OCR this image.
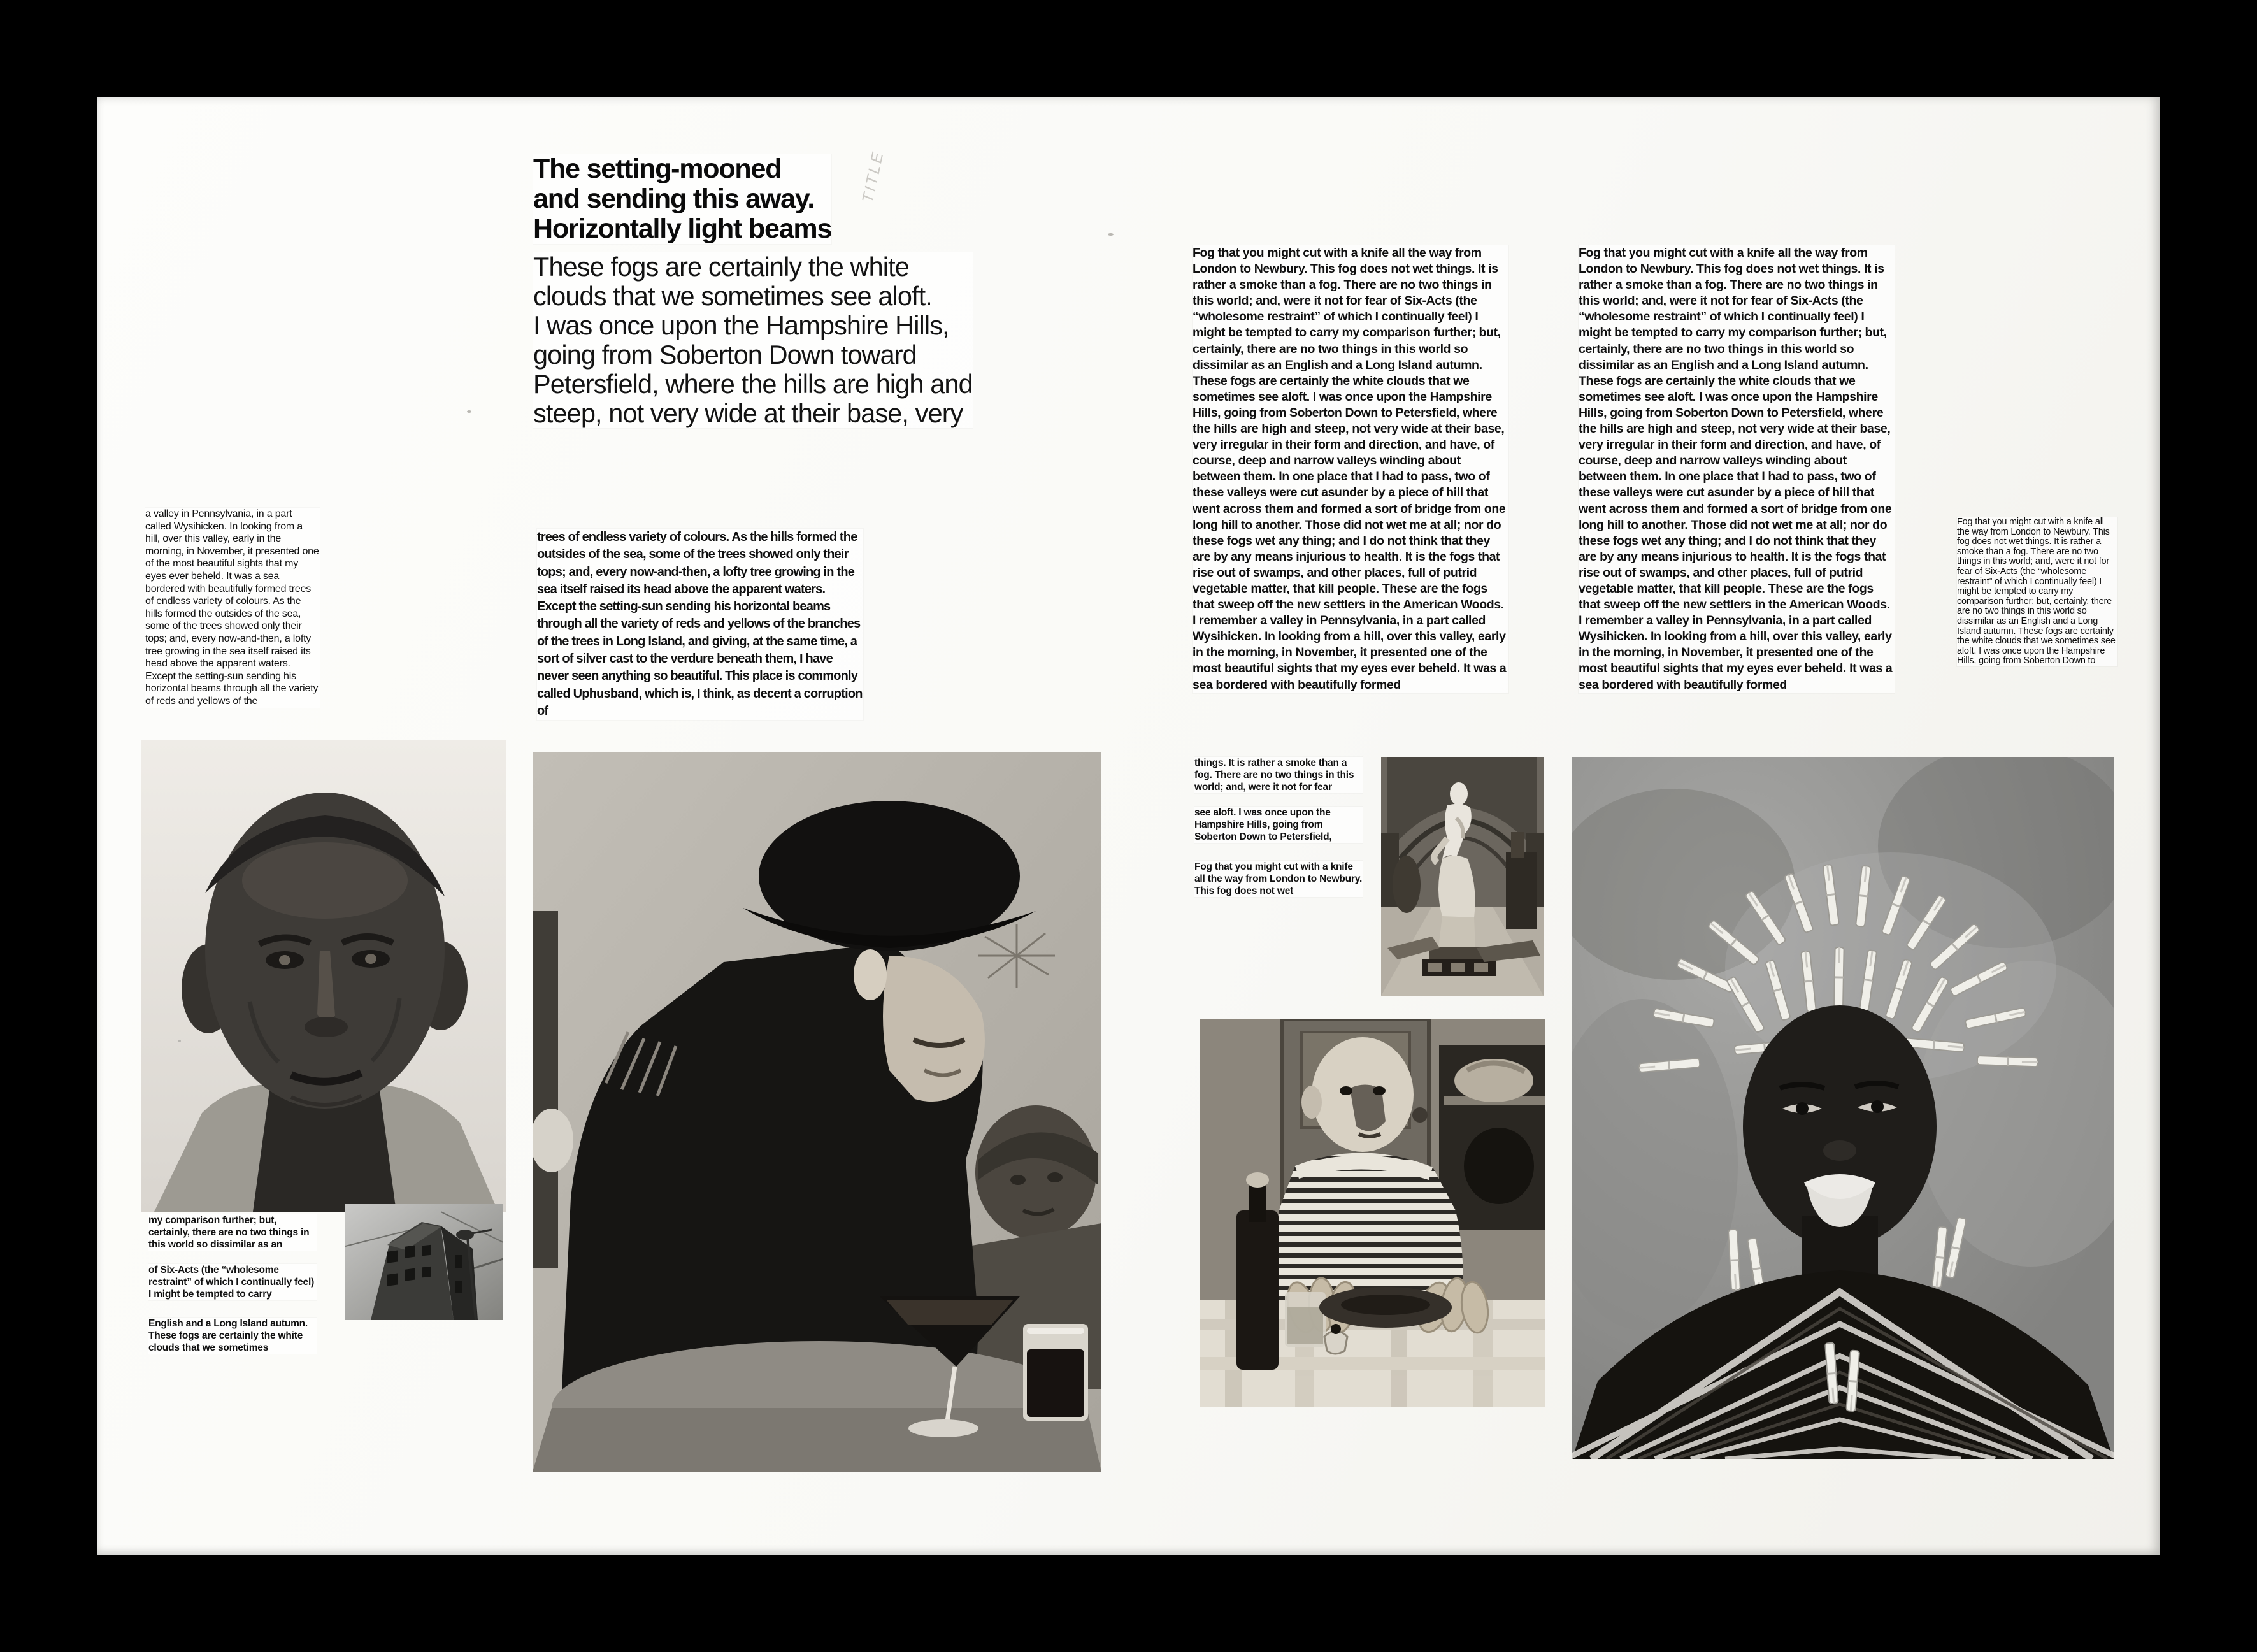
TITLE
The setting-mooned
and sending this away.
Horizontally light beams
These fogs are certainly the white
clouds that we sometimes see aloft.
I was once upon the Hampshire Hills,
going from Soberton Down toward
Petersfield, where the hills are high and
steep, not very wide at their base, very
a valley in Pennsylvania, in a part called Wysihicken. In looking from a hill, over this valley, early in the morning, in November, it presented one of the most beautiful sights that my eyes ever beheld. It was a sea bordered with beautifully formed trees of endless variety of colours. As the hills formed the outsides of the sea, some of the trees showed only their tops; and, every now-and-then, a lofty tree growing in the sea itself raised its head above the apparent waters. Except the setting-sun sending his horizontal beams through all the variety of reds and yellows of the
trees of endless variety of colours. As the hills formed the outsides of the sea, some of the trees showed only their tops; and, every now-and-then, a lofty tree growing in the sea itself raised its head above the apparent waters. Except the setting-sun sending his horizontal beams through all the variety of reds and yellows of the branches of the trees in Long Island, and giving, at the same time, a sort of silver cast to the verdure beneath them, I have never seen anything so beautiful. This place is commonly called Uphusband, which is, I think, as decent a corruption of
Fog that you might cut with a knife all the way from London to Newbury. This fog does not wet things. It is rather a smoke than a fog. There are no two things in this world; and, were it not for fear of Six-Acts (the “wholesome restraint” of which I continually feel) I might be tempted to carry my comparison further; but, certainly, there are no two things in this world so dissimilar as an English and a Long Island autumn. These fogs are certainly the white clouds that we sometimes see aloft. I was once upon the Hampshire Hills, going from Soberton Down to Petersfield, where the hills are high and steep, not very wide at their base, very irregular in their form and direction, and have, of course, deep and narrow valleys winding about between them. In one place that I had to pass, two of these valleys were cut asunder by a piece of hill that went across them and formed a sort of bridge from one long hill to another. Those did not wet me at all; nor do these fogs wet any thing; and I do not think that they are by any means injurious to health. It is the fogs that rise out of swamps, and other places, full of putrid vegetable matter, that kill people. These are the fogs that sweep off the new settlers in the American Woods. I remember a valley in Pennsylvania, in a part called Wysihicken. In looking from a hill, over this valley, early in the morning, in November, it presented one of the most beautiful sights that my eyes ever beheld. It was a sea bordered with beautifully formed
Fog that you might cut with a knife all the way from London to Newbury. This fog does not wet things. It is rather a smoke than a fog. There are no two things in this world; and, were it not for fear of Six-Acts (the “wholesome restraint” of which I continually feel) I might be tempted to carry my comparison further; but, certainly, there are no two things in this world so dissimilar as an English and a Long Island autumn. These fogs are certainly the white clouds that we sometimes see aloft. I was once upon the Hampshire Hills, going from Soberton Down to Petersfield, where the hills are high and steep, not very wide at their base, very irregular in their form and direction, and have, of course, deep and narrow valleys winding about between them. In one place that I had to pass, two of these valleys were cut asunder by a piece of hill that went across them and formed a sort of bridge from one long hill to another. Those did not wet me at all; nor do these fogs wet any thing; and I do not think that they are by any means injurious to health. It is the fogs that rise out of swamps, and other places, full of putrid vegetable matter, that kill people. These are the fogs that sweep off the new settlers in the American Woods. I remember a valley in Pennsylvania, in a part called Wysihicken. In looking from a hill, over this valley, early in the morning, in November, it presented one of the most beautiful sights that my eyes ever beheld. It was a sea bordered with beautifully formed
Fog that you might cut with a knife all the way from London to Newbury. This fog does not wet things. It is rather a smoke than a fog. There are no two things in this world; and, were it not for fear of Six-Acts (the “wholesome restraint” of which I continually feel) I might be tempted to carry my comparison further; but, certainly, there are no two things in this world so dissimilar as an English and a Long Island autumn. These fogs are certainly the white clouds that we sometimes see aloft. I was once upon the Hampshire Hills, going from Soberton Down to
things. It is rather a smoke than a fog. There are no two things in this world; and, were it not for fear
see aloft. I was once upon the Hampshire Hills, going from Soberton Down to Petersfield,
Fog that you might cut with a knife all the way from London to Newbury. This fog does not wet
my comparison further; but, certainly, there are no two things in this world so dissimilar as an
of Six-Acts (the “wholesome restraint” of which I continually feel) I might be tempted to carry
English and a Long Island autumn. These fogs are certainly the white clouds that we sometimes
